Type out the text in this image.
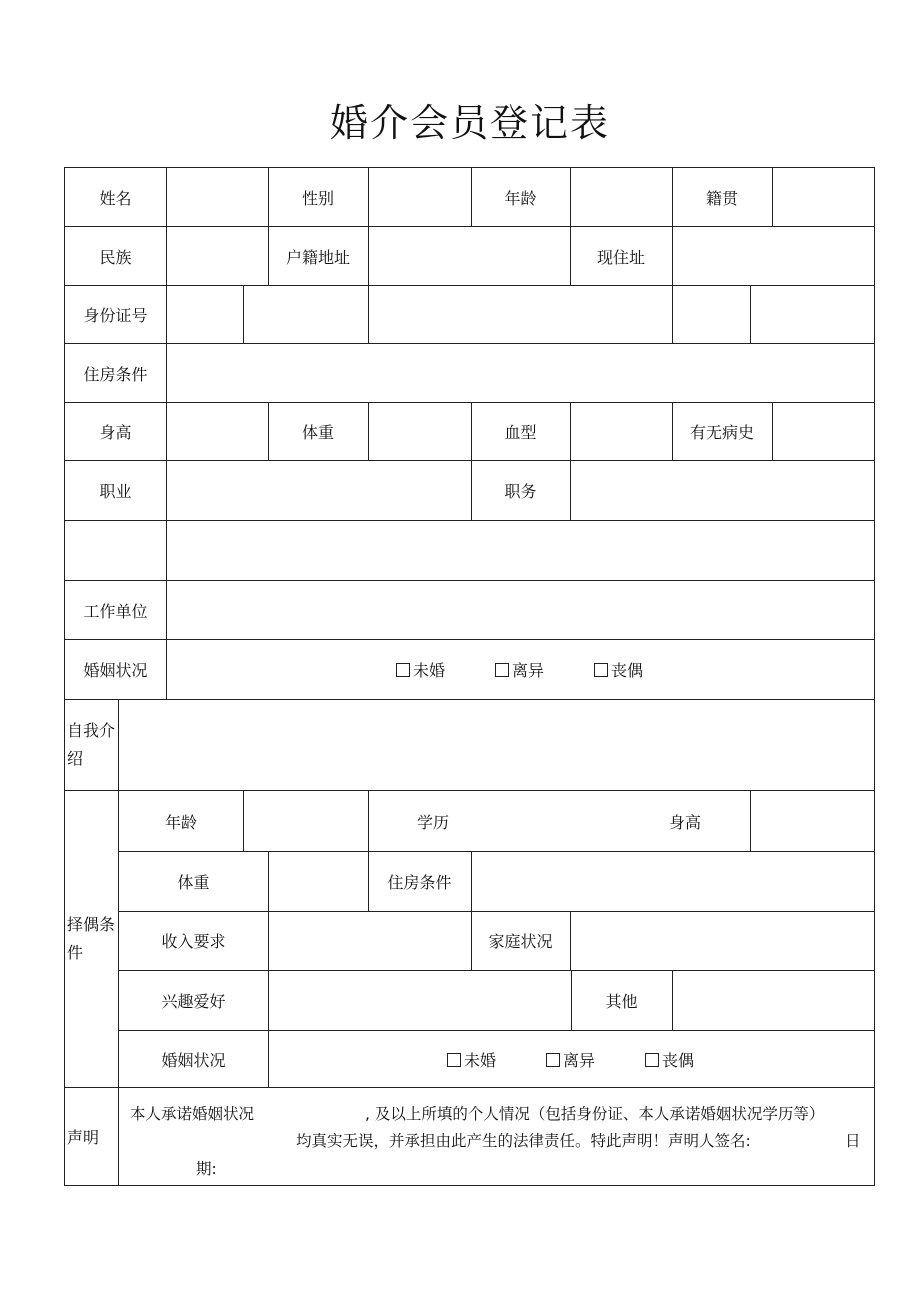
婚介会员登记表
姓名	性别	年龄	籍贯
民族	户籍地址	现住址
身份证号
住房条件
身高	体重	血型	有无病史
职业	职务
工作单位
婚姻状况	未婚	离异	丧偶
自我介
绍
择偶条
件
年龄	学历	身高
体重	住房条件
收入要求	家庭状况
兴趣爱好	其他
婚姻状况	未婚	离异	丧偶
声明
本人承诺婚姻状况	, 及以上所填的个人情况（包括身份证、本人承诺婚姻状况学历等）
均真实无误，并承担由此产生的法律责任。特此声明！声明人签名:	日
期:
